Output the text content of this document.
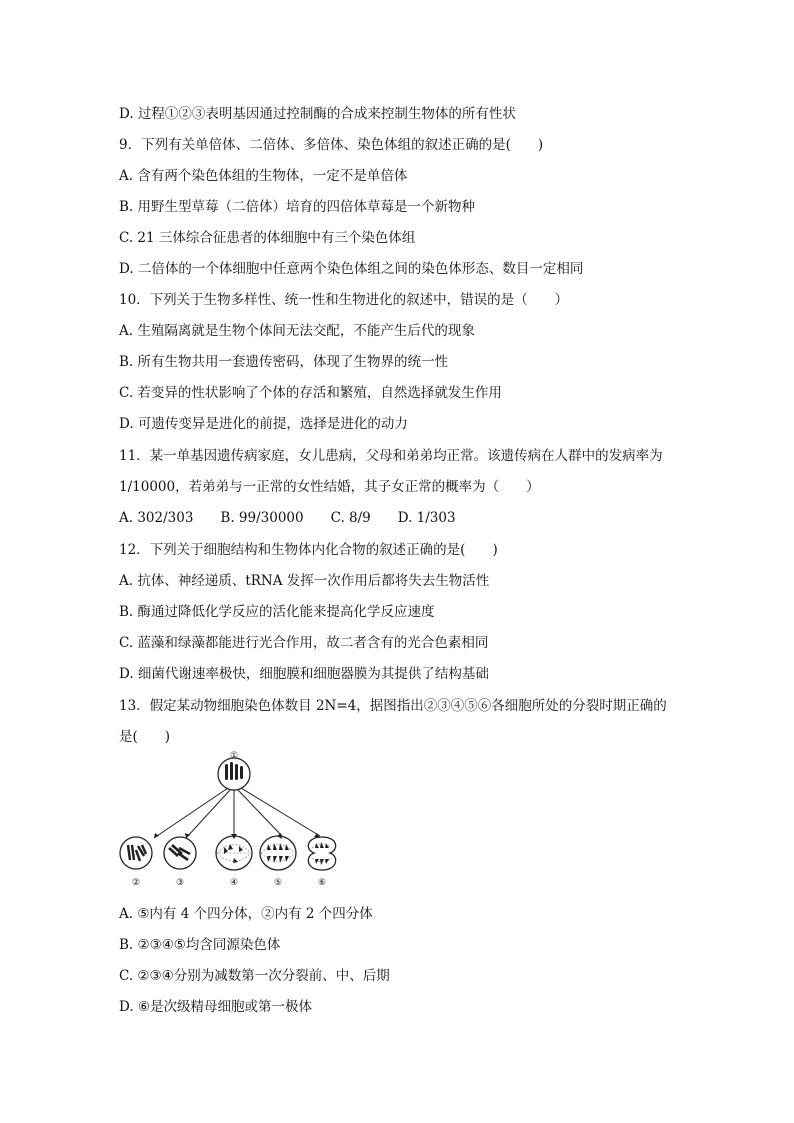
D. 过程①②③表明基因通过控制酶的合成来控制生物体的所有性状
9．下列有关单倍体、二倍体、多倍体、染色体组的叙述正确的是(　　)
A. 含有两个染色体组的生物体，一定不是单倍体
B. 用野生型草莓（二倍体）培育的四倍体草莓是一个新物种
C. 21 三体综合征患者的体细胞中有三个染色体组
D. 二倍体的一个体细胞中任意两个染色体组之间的染色体形态、数目一定相同
10．下列关于生物多样性、统一性和生物进化的叙述中，错误的是（　　）
A. 生殖隔离就是生物个体间无法交配，不能产生后代的现象
B. 所有生物共用一套遗传密码，体现了生物界的统一性
C. 若变异的性状影响了个体的存活和繁殖，自然选择就发生作用
D. 可遗传变异是进化的前提，选择是进化的动力
11．某一单基因遗传病家庭，女儿患病，父母和弟弟均正常。该遗传病在人群中的发病率为
1/10000，若弟弟与一正常的女性结婚，其子女正常的概率为（　　）
A. 302/303　　B. 99/30000　　C. 8/9　　D. 1/303
12．下列关于细胞结构和生物体内化合物的叙述正确的是(　　)
A. 抗体、神经递质、tRNA 发挥一次作用后都将失去生物活性
B. 酶通过降低化学反应的活化能来提高化学反应速度
C. 蓝藻和绿藻都能进行光合作用，故二者含有的光合色素相同
D. 细菌代谢速率极快，细胞膜和细胞器膜为其提供了结构基础
13．假定某动物细胞染色体数目 2N=4，据图指出②③④⑤⑥各细胞所处的分裂时期正确的
是(　　)
①
②	③	④	⑤	⑥
A. ⑤内有 4 个四分体，②内有 2 个四分体
B. ②③④⑤均含同源染色体
C. ②③④分别为减数第一次分裂前、中、后期
D. ⑥是次级精母细胞或第一极体
